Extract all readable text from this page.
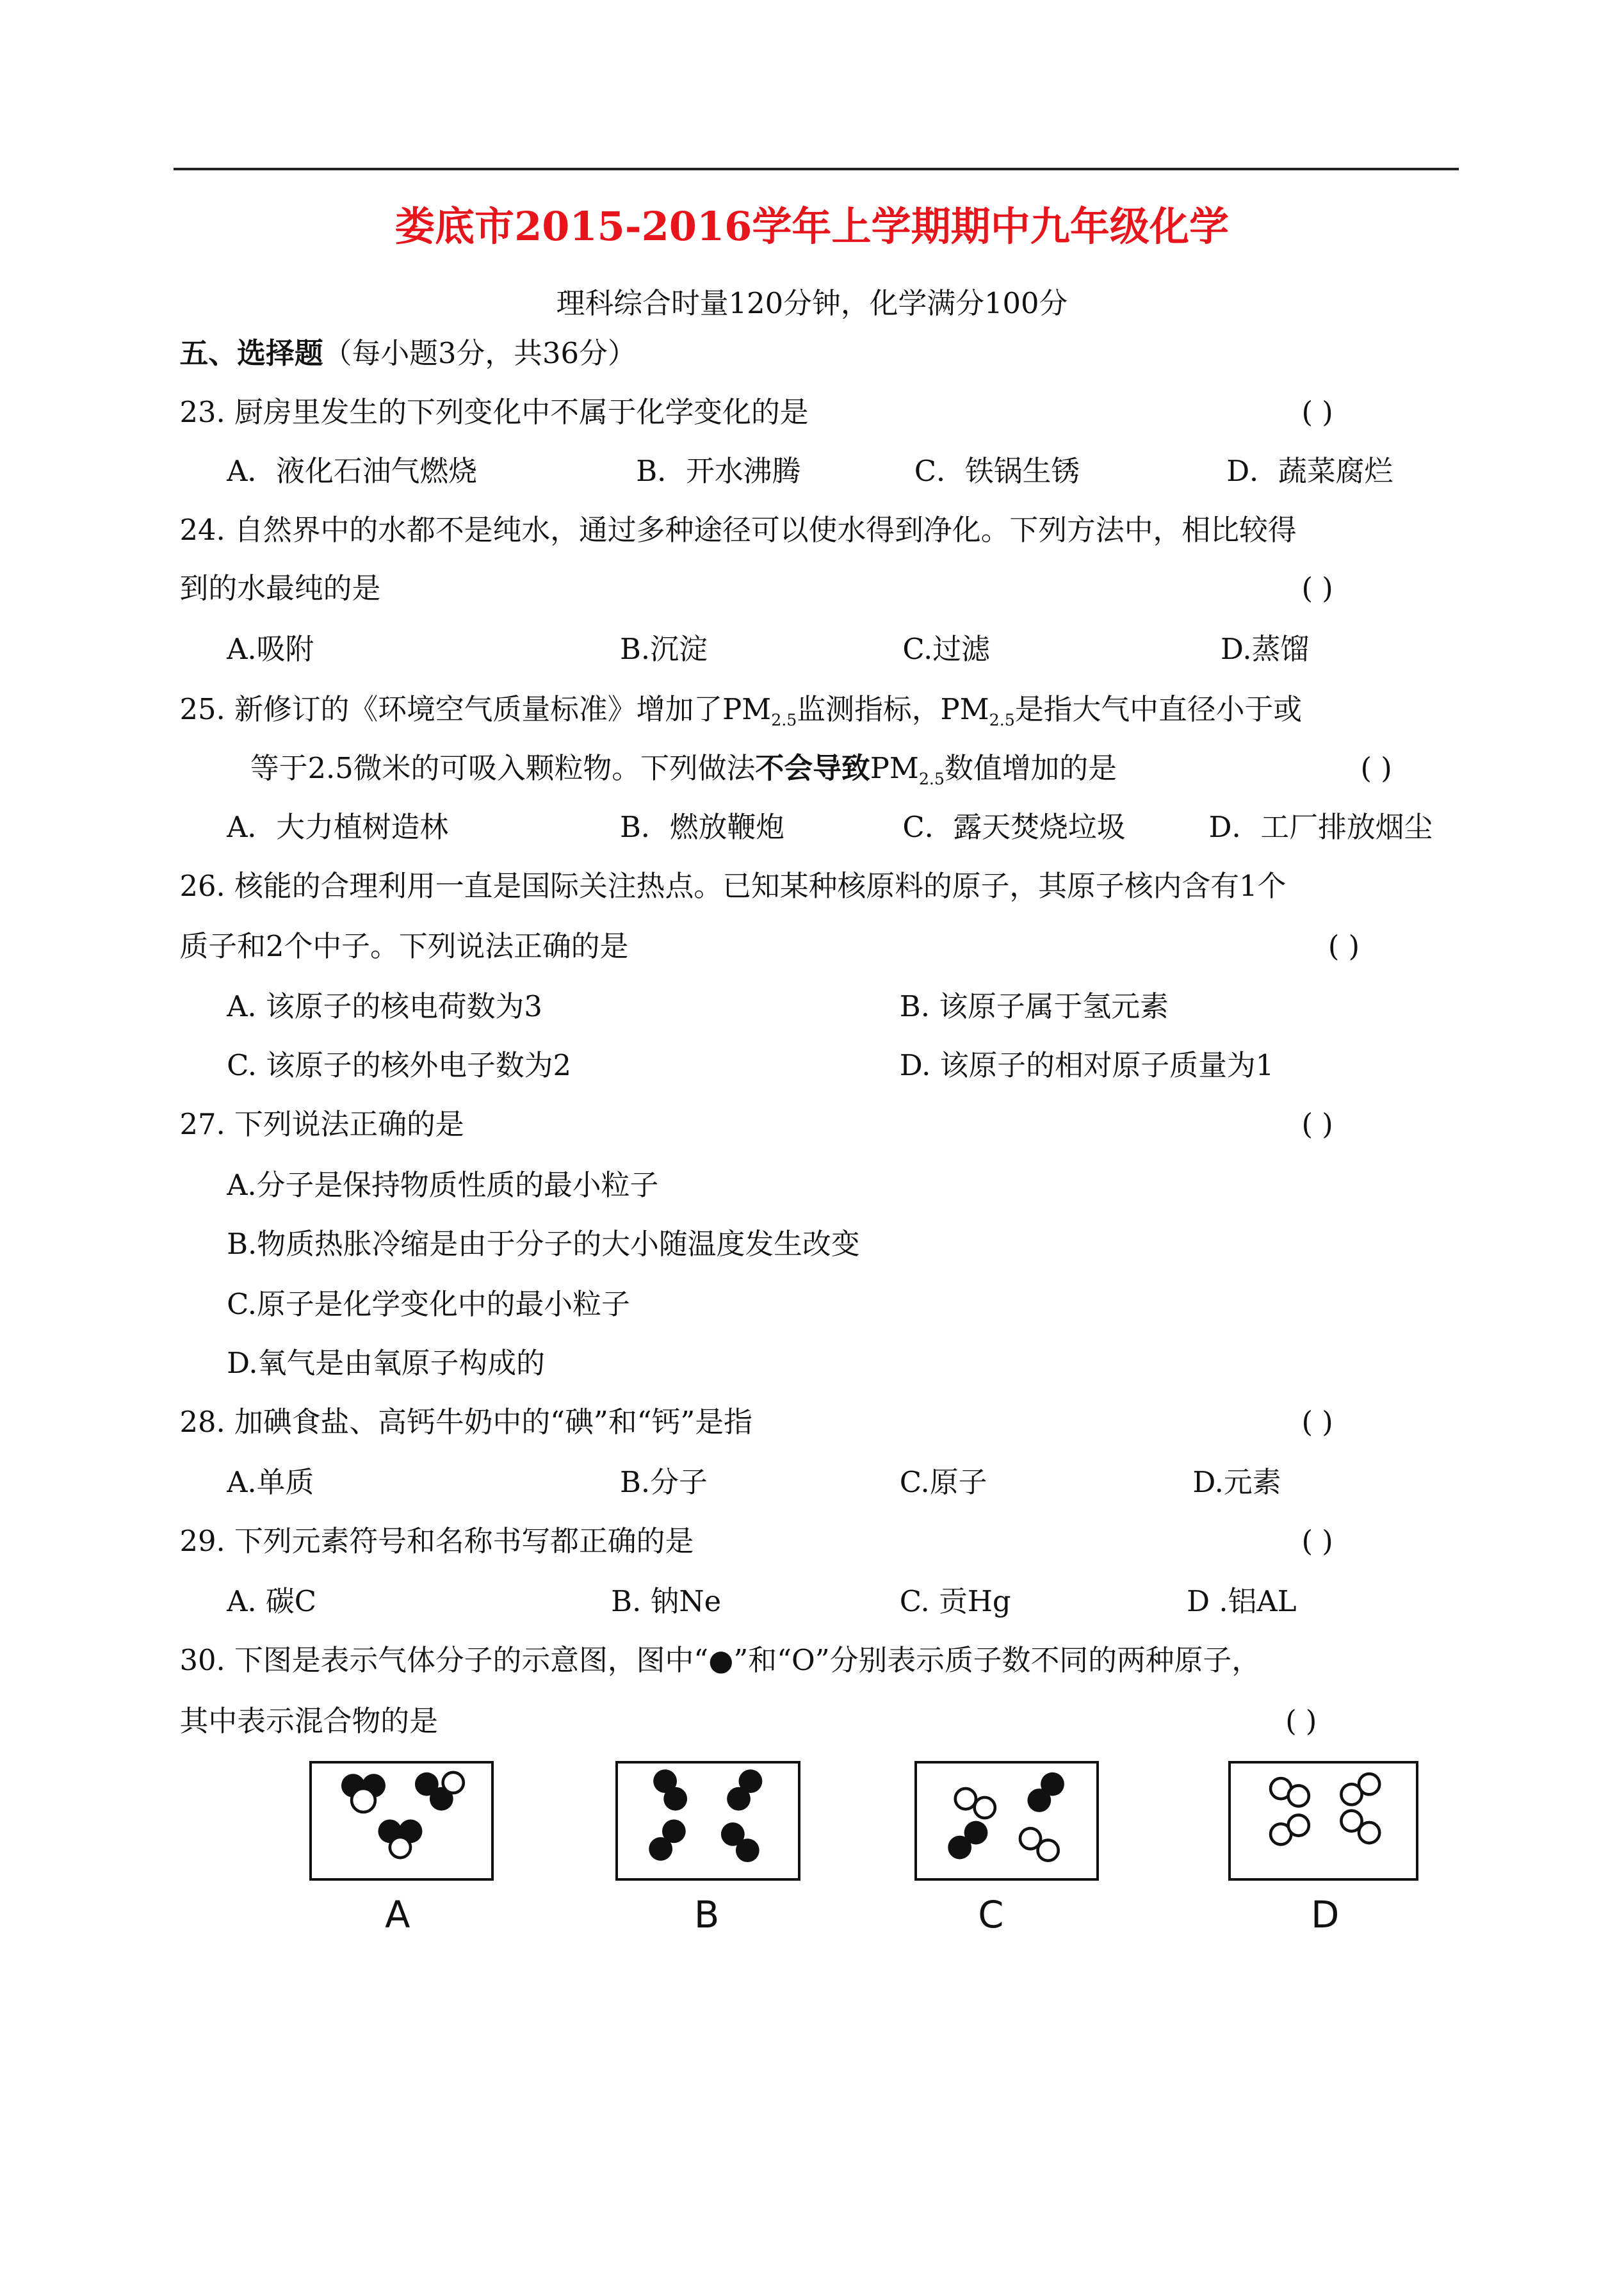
娄底市2015-2016学年上学期期中九年级化学
理科综合时量120分钟，化学满分100分
五、选择题（每小题3分，共36分）
23. 厨房里发生的下列变化中不属于化学变化的是	( )
A．液化石油气燃烧	B．开水沸腾	C．铁锅生锈	D．蔬菜腐烂
24. 自然界中的水都不是纯水，通过多种途径可以使水得到净化。下列方法中，相比较得
到的水最纯的是	( )
A.吸附	B.沉淀	C.过滤	D.蒸馏
25. 新修订的《环境空气质量标准》增加了$PM_{2.5}$监测指标，$PM_{2.5}$是指大气中直径小于或
等于2.5微米的可吸入颗粒物。下列做法不会导致$PM_{2.5}$数值增加的是	( )
A．大力植树造林	B．燃放鞭炮	C．露天焚烧垃圾	D．工厂排放烟尘
26. 核能的合理利用一直是国际关注热点。已知某种核原料的原子，其原子核内含有1个
质子和2个中子。下列说法正确的是	( )
A. 该原子的核电荷数为3	B. 该原子属于氢元素
C. 该原子的核外电子数为2	D. 该原子的相对原子质量为1
27. 下列说法正确的是	( )
A.分子是保持物质性质的最小粒子
B.物质热胀冷缩是由于分子的大小随温度发生改变
C.原子是化学变化中的最小粒子
D.氧气是由氧原子构成的
28. 加碘食盐、高钙牛奶中的“碘”和“钙”是指	( )
A.单质	B.分子	C.原子	D.元素
29. 下列元素符号和名称书写都正确的是	( )
A. 碳C	B. 钠Ne	C. 贡Hg	D .铝AL
30. 下图是表示气体分子的示意图，图中“●”和“O”分别表示质子数不同的两种原子，
其中表示混合物的是	( )
A	B	C	D
